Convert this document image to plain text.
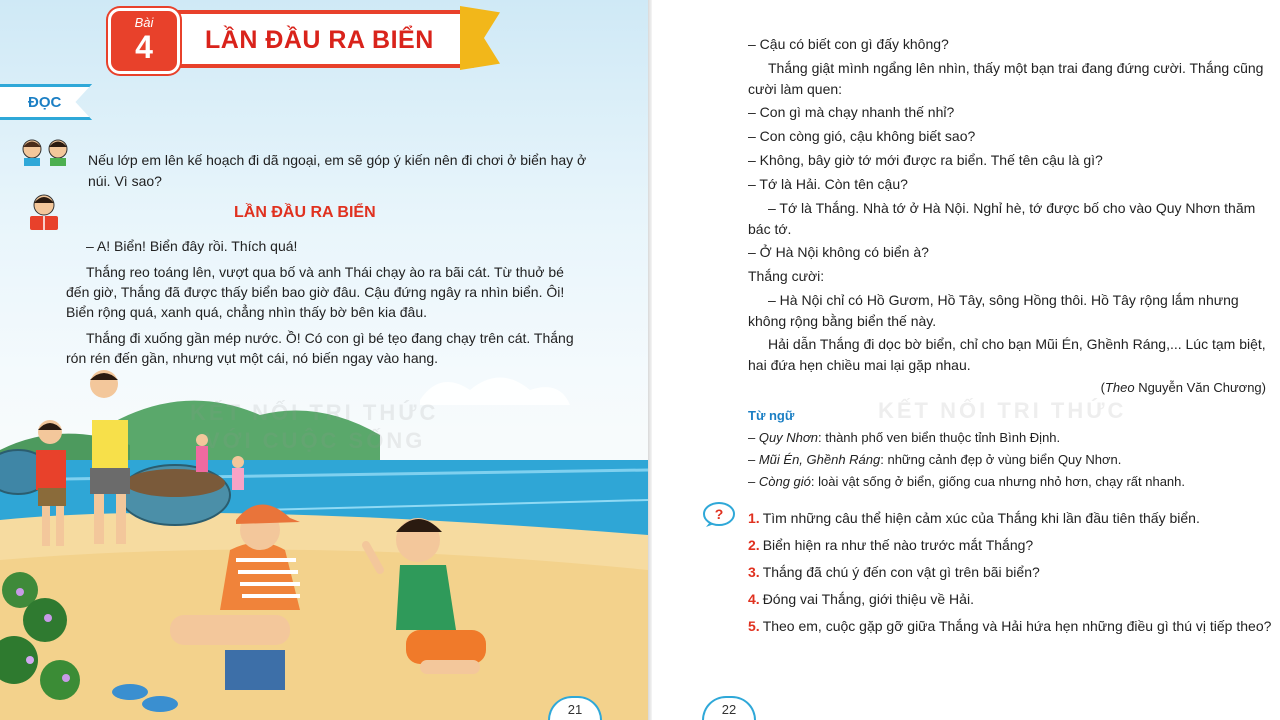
LẦN ĐẦU RA BIỂN
Bài
4
ĐỌC
Nếu lớp em lên kế hoạch đi dã ngoại, em sẽ góp ý kiến nên đi chơi ở biển hay ở núi. Vì sao?
LẦN ĐẦU RA BIỂN

– A! Biển! Biển đây rồi. Thích quá!

Thắng reo toáng lên, vượt qua bố và anh Thái chạy ào ra bãi cát. Từ thuở bé đến giờ, Thắng đã được thấy biển bao giờ đâu. Cậu đứng ngây ra nhìn biển. Ôi! Biển rộng quá, xanh quá, chẳng nhìn thấy bờ bên kia đâu.

Thắng đi xuống gần mép nước. Ồ! Có con gì bé tẹo đang chạy trên cát. Thắng rón rén đến gần, nhưng vụt một cái, nó biến ngay vào hang.

KẾT NỐI TRI THỨC
VỚI CUỘC SỐNG
21
– Cậu có biết con gì đấy không?
Thắng giật mình ngẩng lên nhìn, thấy một bạn trai đang đứng cười. Thắng cũng cười làm quen:
– Con gì mà chạy nhanh thế nhỉ?
– Con còng gió, cậu không biết sao?
– Không, bây giờ tớ mới được ra biển. Thế tên cậu là gì?
– Tớ là Hải. Còn tên cậu?
– Tớ là Thắng. Nhà tớ ở Hà Nội. Nghỉ hè, tớ được bố cho vào Quy Nhơn thăm bác tớ.
– Ở Hà Nội không có biển à?
Thắng cười:
– Hà Nội chỉ có Hồ Gươm, Hồ Tây, sông Hồng thôi. Hồ Tây rộng lắm nhưng không rộng bằng biển thế này.
Hải dẫn Thắng đi dọc bờ biển, chỉ cho bạn Mũi Én, Ghềnh Ráng,... Lúc tạm biệt, hai đứa hẹn chiều mai lại gặp nhau.
(Theo Nguyễn Văn Chương)
KẾT NỐI TRI THỨC
Từ ngữ
– Quy Nhơn: thành phố ven biển thuộc tỉnh Bình Định.
– Mũi Én, Ghềnh Ráng: những cảnh đẹp ở vùng biển Quy Nhơn.
– Còng gió: loài vật sống ở biển, giống cua nhưng nhỏ hơn, chạy rất nhanh.
? 1. Tìm những câu thể hiện cảm xúc của Thắng khi lần đầu tiên thấy biển.
2. Biển hiện ra như thế nào trước mắt Thắng?
3. Thắng đã chú ý đến con vật gì trên bãi biển?
4. Đóng vai Thắng, giới thiệu về Hải.
5. Theo em, cuộc gặp gỡ giữa Thắng và Hải hứa hẹn những điều gì thú vị tiếp theo?
22
